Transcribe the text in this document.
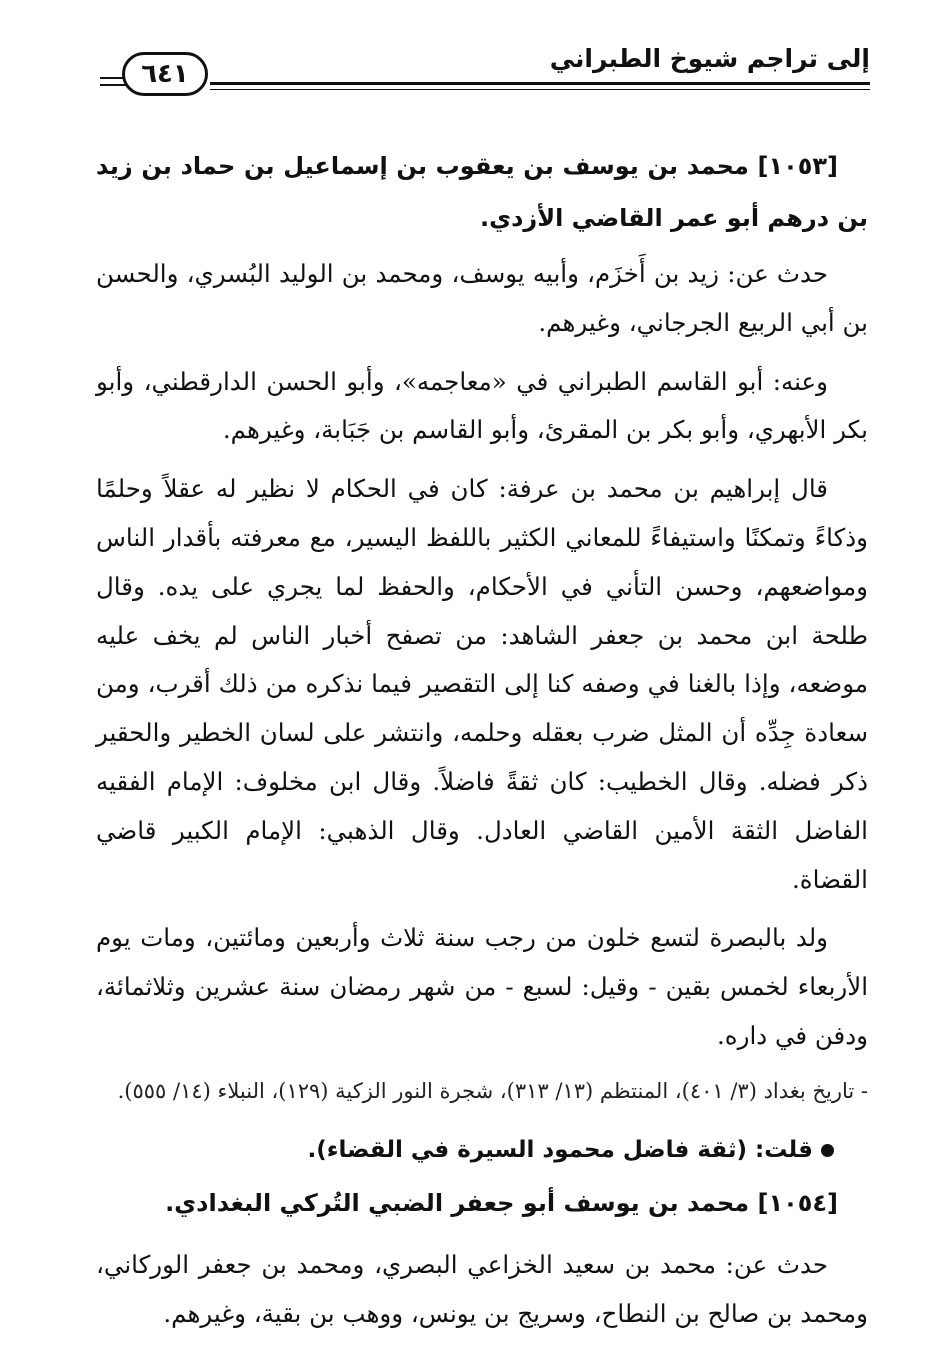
إلى تراجم شيوخ الطبراني
٦٤١
[١٠٥٣] محمد بن يوسف بن يعقوب بن إسماعيل بن حماد بن زيد بن درهم أبو عمر القاضي الأزدي.

حدث عن: زيد بن أَخزَم، وأبيه يوسف، ومحمد بن الوليد البُسري، والحسن بن أبي الربيع الجرجاني، وغيرهم.

وعنه: أبو القاسم الطبراني في «معاجمه»، وأبو الحسن الدارقطني، وأبو بكر الأبهري، وأبو بكر بن المقرئ، وأبو القاسم بن جَبَابة، وغيرهم.

قال إبراهيم بن محمد بن عرفة: كان في الحكام لا نظير له عقلاً وحلمًا وذكاءً وتمكنًا واستيفاءً للمعاني الكثير باللفظ اليسير، مع معرفته بأقدار الناس ومواضعهم، وحسن التأني في الأحكام، والحفظ لما يجري على يده. وقال طلحة ابن محمد بن جعفر الشاهد: من تصفح أخبار الناس لم يخف عليه موضعه، وإذا بالغنا في وصفه كنا إلى التقصير فيما نذكره من ذلك أقرب، ومن سعادة جِدِّه أن المثل ضرب بعقله وحلمه، وانتشر على لسان الخطير والحقير ذكر فضله. وقال الخطيب: كان ثقةً فاضلاً. وقال ابن مخلوف: الإمام الفقيه الفاضل الثقة الأمين القاضي العادل. وقال الذهبي: الإمام الكبير قاضي القضاة.

ولد بالبصرة لتسع خلون من رجب سنة ثلاث وأربعين ومائتين، ومات يوم الأربعاء لخمس بقين - وقيل: لسبع - من شهر رمضان سنة عشرين وثلاثمائة، ودفن في داره.

- تاريخ بغداد (٣/ ٤٠١)، المنتظم (١٣/ ٣١٣)، شجرة النور الزكية (١٢٩)، النبلاء (١٤/ ٥٥٥).

قلت: (ثقة فاضل محمود السيرة في القضاء).

[١٠٥٤] محمد بن يوسف أبو جعفر الضبي التُركي البغدادي.

حدث عن: محمد بن سعيد الخزاعي البصري، ومحمد بن جعفر الوركاني، ومحمد بن صالح بن النطاح، وسريج بن يونس، ووهب بن بقية، وغيرهم.
